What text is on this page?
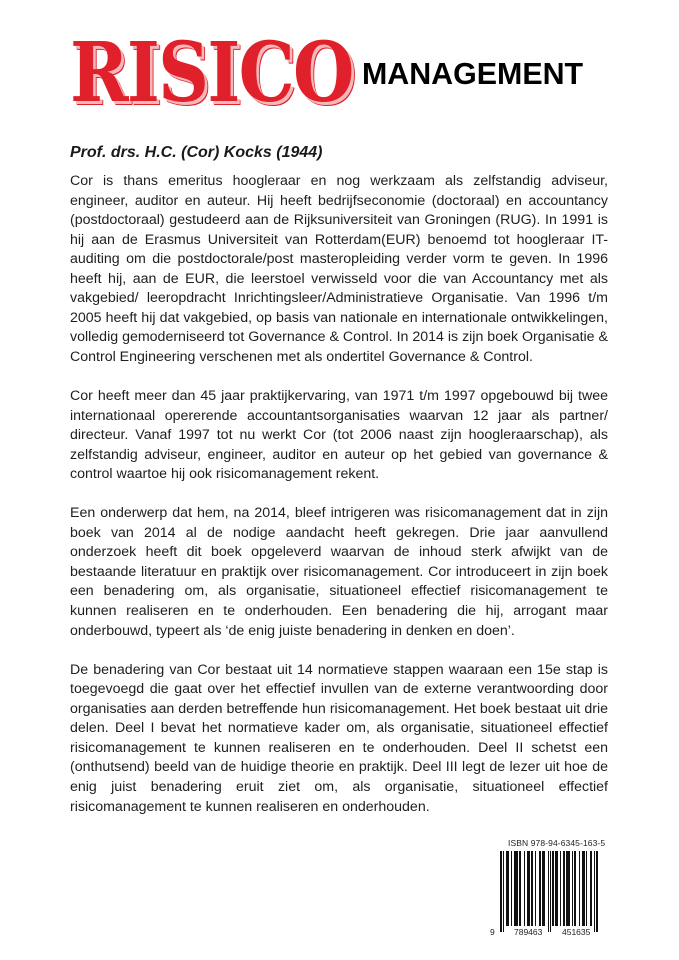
RISICO MANAGEMENT
Prof. drs. H.C. (Cor) Kocks (1944)

Cor is thans emeritus hoogleraar en nog werkzaam als zelfstandig adviseur, engineer, auditor en auteur. Hij heeft bedrijfseconomie (doctoraal) en accountancy (postdoctoraal) gestudeerd aan de Rijksuniversiteit van Groningen (RUG). In 1991 is hij aan de Erasmus Universiteit van Rotterdam(EUR) benoemd tot hoogleraar IT-auditing om die postdoctorale/post masteropleiding verder vorm te geven. In 1996 heeft hij, aan de EUR, die leerstoel verwisseld voor die van Accountancy met als vakgebied/ leeropdracht Inrichtingsleer/Administratieve Organisatie. Van 1996 t/m 2005 heeft hij dat vakgebied, op basis van nationale en internationale ontwikkelingen, volledig gemoderniseerd tot Governance & Control. In 2014 is zijn boek Organisatie & Control Engineering verschenen met als ondertitel Governance & Control.

Cor heeft meer dan 45 jaar praktijkervaring, van 1971 t/m 1997 opgebouwd bij twee internationaal opererende accountantsorganisaties waarvan 12 jaar als partner/ directeur. Vanaf 1997 tot nu werkt Cor (tot 2006 naast zijn hoogleraarschap), als zelfstandig adviseur, engineer, auditor en auteur op het gebied van governance & control waartoe hij ook risicomanagement rekent.

Een onderwerp dat hem, na 2014, bleef intrigeren was risicomanagement dat in zijn boek van 2014 al de nodige aandacht heeft gekregen. Drie jaar aanvullend onderzoek heeft dit boek opgeleverd waarvan de inhoud sterk afwijkt van de bestaande literatuur en praktijk over risicomanagement. Cor introduceert in zijn boek een benadering om, als organisatie, situationeel effectief risicomanagement te kunnen realiseren en te onderhouden. Een benadering die hij, arrogant maar onderbouwd, typeert als ‘de enig juiste benadering in denken en doen’.

De benadering van Cor bestaat uit 14 normatieve stappen waaraan een 15e stap is toegevoegd die gaat over het effectief invullen van de externe verantwoording door organisaties aan derden betreffende hun risicomanagement. Het boek bestaat uit drie delen. Deel I bevat het normatieve kader om, als organisatie, situationeel effectief risicomanagement te kunnen realiseren en te onderhouden. Deel II schetst een (onthutsend) beeld van de huidige theorie en praktijk. Deel III legt de lezer uit hoe de enig juist benadering eruit ziet om, als organisatie, situationeel effectief risicomanagement te kunnen realiseren en onderhouden.

ISBN 978-94-6345-163-5
9 789463 451635
